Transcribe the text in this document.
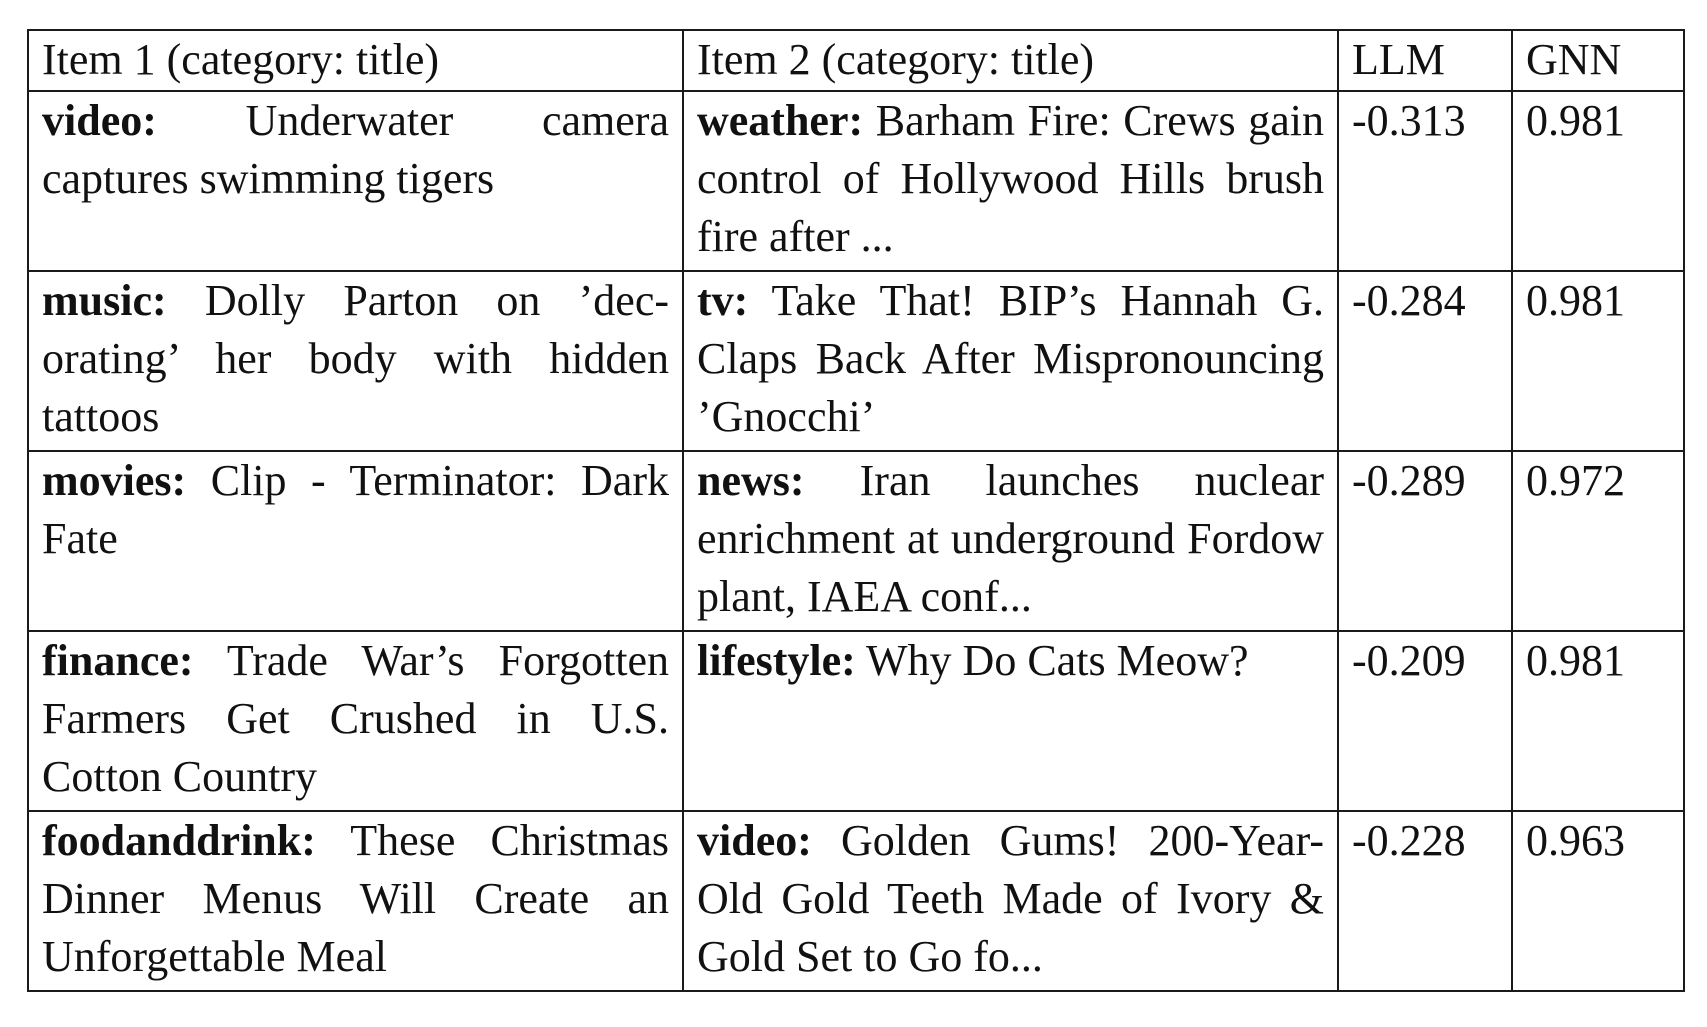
Item 1 (category: title)	Item 2 (category: title)	LLM	GNN
video: Underwater camera captures swimming tigers	weather: Barham Fire: Crews gain control of Hollywood Hills brush fire after ...	-0.313	0.981
music: Dolly Parton on ’decorating’ her body with hidden tattoos	tv: Take That! BIP’s Hannah G. Claps Back After Mispronouncing ’Gnocchi’	-0.284	0.981
movies: Clip - Terminator: Dark Fate	news: Iran launches nuclear enrichment at underground Fordow plant, IAEA conf...	-0.289	0.972
finance: Trade War’s Forgotten Farmers Get Crushed in U.S. Cotton Country	lifestyle: Why Do Cats Meow?	-0.209	0.981
foodanddrink: These Christmas Dinner Menus Will Create an Unforgettable Meal	video: Golden Gums! 200-Year-Old Gold Teeth Made of Ivory & Gold Set to Go fo...	-0.228	0.963
